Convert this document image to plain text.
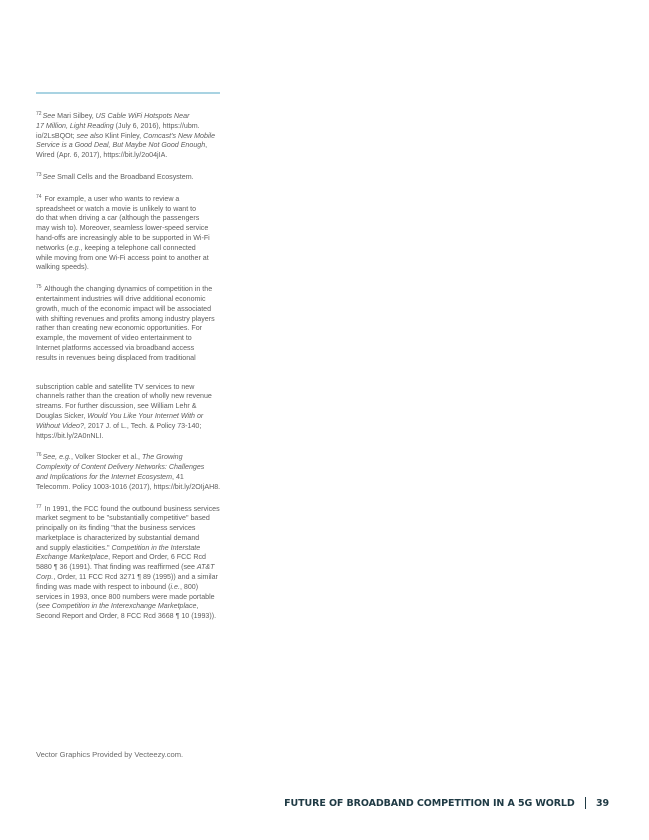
$^{72}$See Mari Silbey, US Cable WiFi Hotspots Near
17 Million, Light Reading (July 6, 2016), https://ubm.
io/2LsBQOt; see also Klint Finley, Comcast's New Mobile
Service is a Good Deal, But Maybe Not Good Enough,
Wired (Apr. 6, 2017), https://bit.ly/2o04jIA.
$^{73}$See Small Cells and the Broadband Ecosystem.
$^{74}$ For example, a user who wants to review a
spreadsheet or watch a movie is unlikely to want to
do that when driving a car (although the passengers
may wish to). Moreover, seamless lower-speed service
hand-offs are increasingly able to be supported in Wi-Fi
networks (e.g., keeping a telephone call connected
while moving from one Wi-Fi access point to another at
walking speeds).
$^{75}$ Although the changing dynamics of competition in the
entertainment industries will drive additional economic
growth, much of the economic impact will be associated
with shifting revenues and profits among industry players
rather than creating new economic opportunities. For
example, the movement of video entertainment to
Internet platforms accessed via broadband access
results in revenues being displaced from traditional
subscription cable and satellite TV services to new
channels rather than the creation of wholly new revenue
streams. For further discussion, see William Lehr &
Douglas Sicker, Would You Like Your Internet With or
Without Video?, 2017 J. of L., Tech. & Policy 73-140;
https://bit.ly/2A0nNLI.
$^{76}$See, e.g., Volker Stocker et al., The Growing
Complexity of Content Delivery Networks: Challenges
and Implications for the Internet Ecosystem, 41
Telecomm. Policy 1003-1016 (2017), https://bit.ly/2OIjAH8.
$^{77}$ In 1991, the FCC found the outbound business services
market segment to be "substantially competitive" based
principally on its finding "that the business services
marketplace is characterized by substantial demand
and supply elasticities." Competition in the Interstate
Exchange Marketplace, Report and Order, 6 FCC Rcd
5880 ¶ 36 (1991). That finding was reaffirmed (see AT&T
Corp., Order, 11 FCC Rcd 3271 ¶ 89 (1995)) and a similar
finding was made with respect to inbound (i.e., 800)
services in 1993, once 800 numbers were made portable
(see Competition in the Interexchange Marketplace,
Second Report and Order, 8 FCC Rcd 3668 ¶ 10 (1993)).
Vector Graphics Provided by Vecteezy.com.
FUTURE OF BROADBAND COMPETITION IN A 5G WORLD 39
